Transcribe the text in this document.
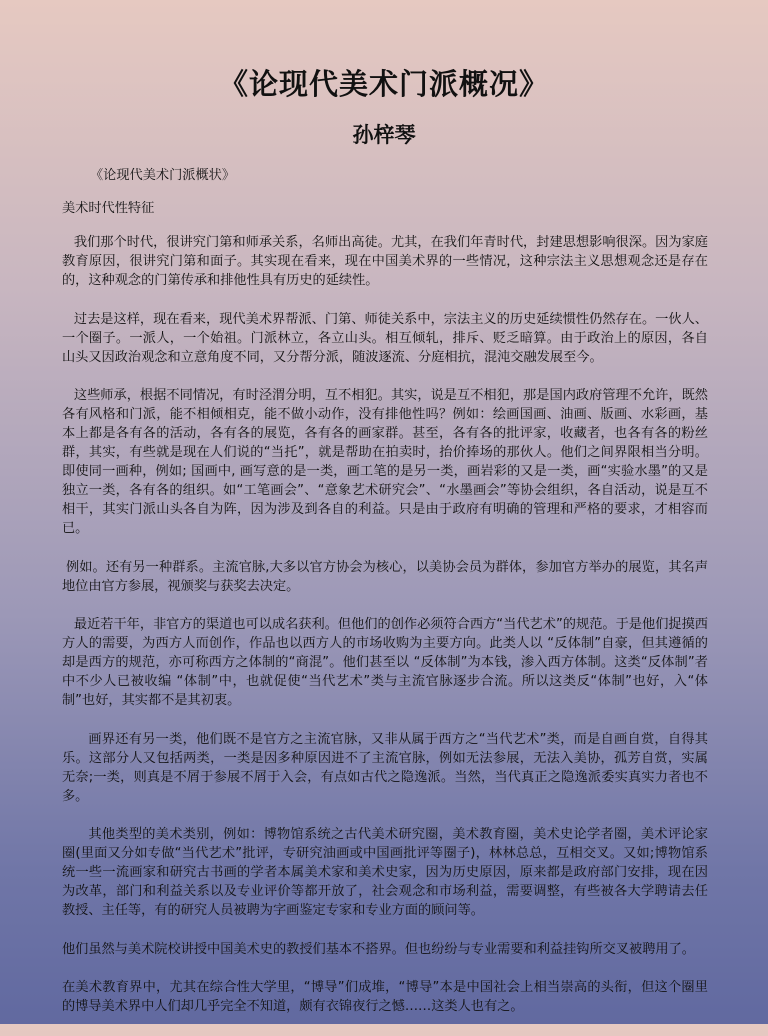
《论现代美术门派概况》
孙梓琴

《论现代美术门派概状》

美术时代性特征

我们那个时代，很讲究门第和师承关系，名师出高徒。尤其，在我们年青时代，封建思想影响很深。因为家庭教育原因，很讲究门第和面子。其实现在看来，现在中国美术界的一些情况，这种宗法主义思想观念还是存在的，这种观念的门第传承和排他性具有历史的延续性。

过去是这样，现在看来，现代美术界帮派、门第、师徒关系中，宗法主义的历史延续惯性仍然存在。一伙人、一个圈子。一派人，一个始祖。门派林立，各立山头。相互倾轧，排斥、贬乏暗算。由于政治上的原因，各自山头又因政治观念和立意角度不同，又分帮分派，随波逐流、分庭相抗，混沌交融发展至今。

这些师承，根据不同情况，有时泾渭分明，互不相犯。其实，说是互不相犯，那是国内政府管理不允许，既然各有风格和门派，能不相倾相克，能不做小动作，没有排他性吗？例如：绘画国画、油画、版画、水彩画，基本上都是各有各的活动，各有各的展览，各有各的画家群。甚至，各有各的批评家，收藏者，也各有各的粉丝群，其实，有些就是现在人们说的“当托”，就是帮助在拍卖时，抬价捧场的那伙人。他们之间界限相当分明。即使同一画种，例如; 国画中, 画写意的是一类，画工笔的是另一类，画岩彩的又是一类，画“实验水墨”的又是独立一类，各有各的组织。如“工笔画会”、“意象艺术研究会”、“水墨画会”等协会组织，各自活动，说是互不相干，其实门派山头各自为阵，因为涉及到各自的利益。只是由于政府有明确的管理和严格的要求，才相容而已。

例如。还有另一种群系。主流官脉,大多以官方协会为核心，以美协会员为群体，参加官方举办的展览，其名声地位由官方参展，视颁奖与获奖去决定。

最近若干年，非官方的渠道也可以成名获利。但他们的创作必须符合西方“当代艺术”的规范。于是他们捉摸西方人的需要，为西方人而创作，作品也以西方人的市场收购为主要方向。此类人以 “反体制”自豪，但其遵循的却是西方的规范，亦可称西方之体制的“商混”。他们甚至以 “反体制”为本钱，渗入西方体制。这类“反体制”者中不少人已被收编 “体制”中，也就促使“当代艺术”类与主流官脉逐步合流。所以这类反“体制”也好，入“体制”也好，其实都不是其初衷。

画界还有另一类，他们既不是官方之主流官脉，又非从属于西方之“当代艺术”类，而是自画自赏，自得其乐。这部分人又包括两类，一类是因多种原因进不了主流官脉，例如无法参展，无法入美协，孤芳自赏，实属无奈;一类，则真是不屑于参展不屑于入会，有点如古代之隐逸派。当然，当代真正之隐逸派委实真实力者也不多。

其他类型的美术类别，例如：博物馆系统之古代美术研究圈，美术教育圈，美术史论学者圈，美术评论家圈(里面又分如专做“当代艺术”批评，专研究油画或中国画批评等圈子)，林林总总，互相交叉。又如;博物馆系统一些一流画家和研究古书画的学者本属美术家和美术史家，因为历史原因，原来都是政府部门安排，现在因为改革，部门和利益关系以及专业评价等都开放了，社会观念和市场利益，需要调整，有些被各大学聘请去任教授、主任等，有的研究人员被聘为字画鉴定专家和专业方面的顾问等。

他们虽然与美术院校讲授中国美术史的教授们基本不搭界。但也纷纷与专业需要和利益挂钩所交叉被聘用了。

在美术教育界中，尤其在综合性大学里，“博导”们成堆，“博导”本是中国社会上相当崇高的头衔，但这个圈里的博导美术界中人们却几乎完全不知道，颇有衣锦夜行之憾……这类人也有之。
